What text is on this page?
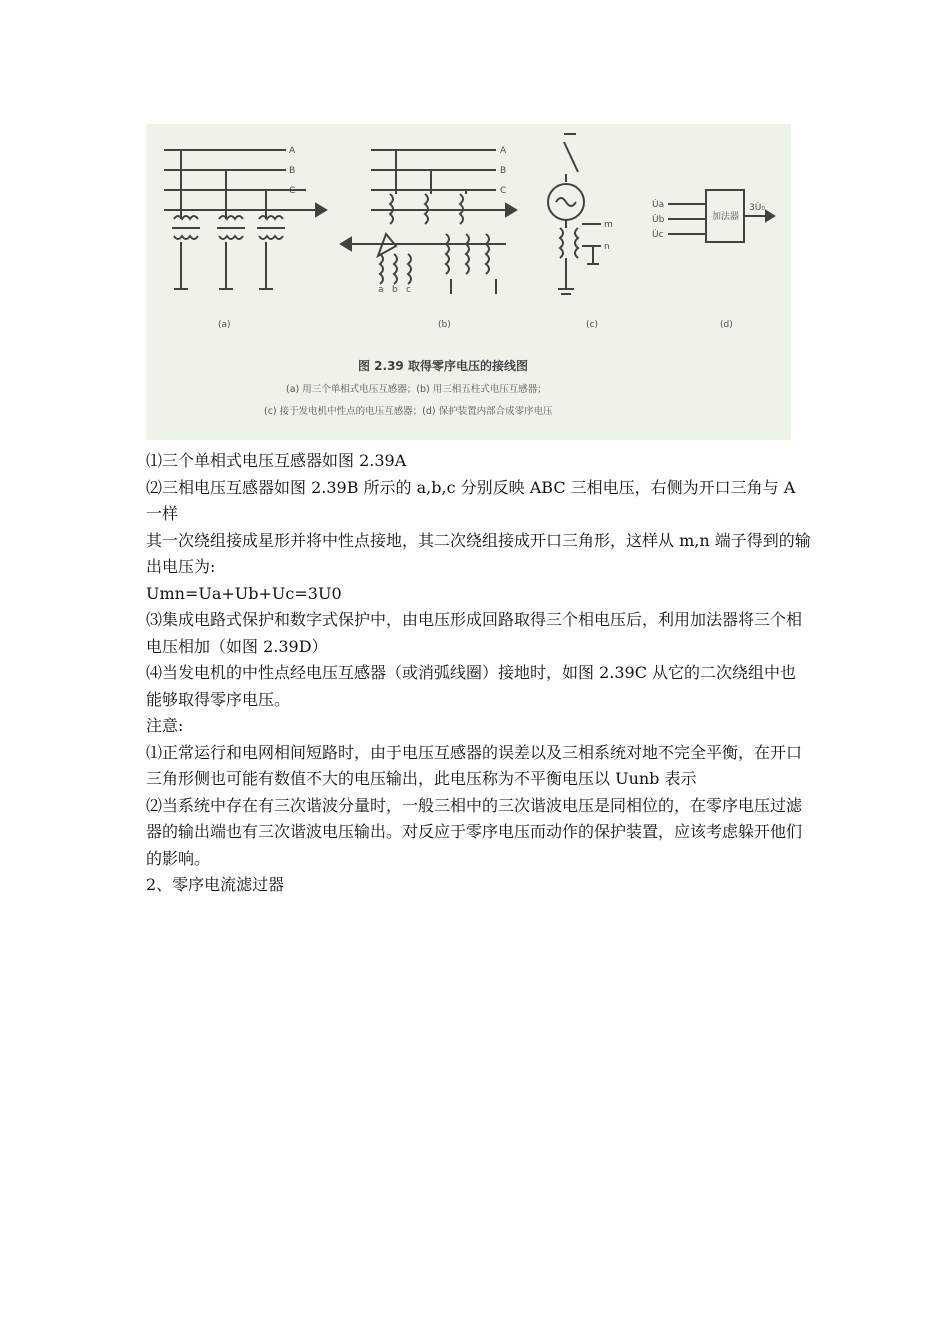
A
B
C
A
B
C
a b c
m
n
U̇a
U̇b
U̇c
加法器
3U̇₀
(a)	(b)	(c)	(d)
图 2.39 取得零序电压的接线图
(a) 用三个单相式电压互感器；(b) 用三相五柱式电压互感器；
(c) 接于发电机中性点的电压互感器；(d) 保护装置内部合成零序电压

⑴三个单相式电压互感器如图 2.39A

⑵三相电压互感器如图 2.39B 所示的 a,b,c 分别反映 ABC 三相电压，右侧为开口三角与 A 一样

其一次绕组接成星形并将中性点接地，其二次绕组接成开口三角形，这样从 m,n 端子得到的输出电压为:

Umn=Ua+Ub+Uc=3U0

⑶集成电路式保护和数字式保护中，由电压形成回路取得三个相电压后，利用加法器将三个相电压相加（如图 2.39D）

⑷当发电机的中性点经电压互感器（或消弧线圈）接地时，如图 2.39C 从它的二次绕组中也能够取得零序电压。

注意:

⑴正常运行和电网相间短路时，由于电压互感器的误差以及三相系统对地不完全平衡，在开口三角形侧也可能有数值不大的电压输出，此电压称为不平衡电压以 Uunb 表示

⑵当系统中存在有三次谐波分量时，一般三相中的三次谐波电压是同相位的，在零序电压过滤器的输出端也有三次谐波电压输出。对反应于零序电压而动作的保护装置，应该考虑躲开他们的影响。

2、零序电流滤过器
